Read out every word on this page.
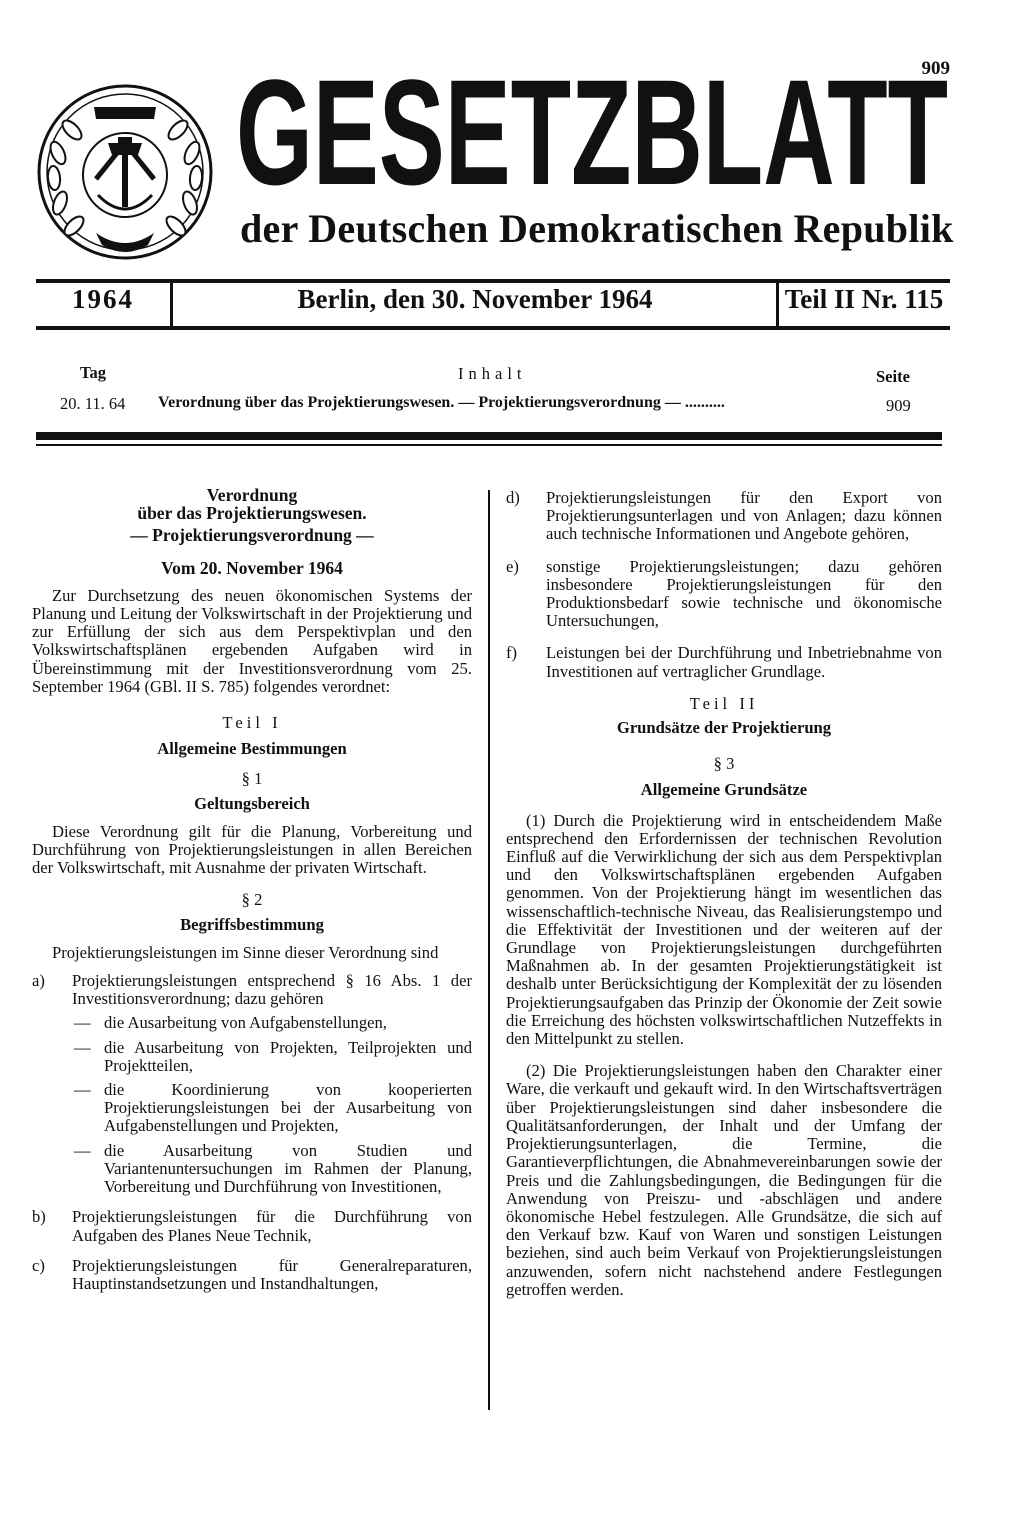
909
GESETZBLATT
der Deutschen Demokratischen Republik
1964	Berlin, den 30. November 1964	Teil II Nr. 115
Tag	Inhalt	Seite
20. 11. 64 Verordnung über das Projektierungswesen. — Projektierungsverordnung — ..........	909

Verordnung

über das Projektierungswesen.

— Projektierungsverordnung —

Vom 20. November 1964

Zur Durchsetzung des neuen ökonomischen Systems der Planung und Leitung der Volkswirtschaft in der Projektierung und zur Erfüllung der sich aus dem Perspektivplan und den Volkswirtschaftsplänen ergebenden Aufgaben wird in Übereinstimmung mit der Investitionsverordnung vom 25. September 1964 (GBl. II S. 785) folgendes verordnet:

Teil I

Allgemeine Bestimmungen

§ 1

Geltungsbereich

Diese Verordnung gilt für die Planung, Vorbereitung und Durchführung von Projektierungsleistungen in allen Bereichen der Volkswirtschaft, mit Ausnahme der privaten Wirtschaft.

§ 2

Begriffsbestimmung

Projektierungsleistungen im Sinne dieser Verordnung sind

a)	Projektierungsleistungen entsprechend § 16 Abs. 1 der Investitionsverordnung; dazu gehören
— die Ausarbeitung von Aufgabenstellungen,
— die Ausarbeitung von Projekten, Teilprojekten und Projektteilen,
— die Koordinierung von kooperierten Projektierungsleistungen bei der Ausarbeitung von Aufgabenstellungen und Projekten,
— die Ausarbeitung von Studien und Variantenuntersuchungen im Rahmen der Planung, Vorbereitung und Durchführung von Investitionen,
b)	Projektierungsleistungen für die Durchführung von Aufgaben des Planes Neue Technik,
c)	Projektierungsleistungen für Generalreparaturen, Hauptinstandsetzungen und Instandhaltungen,
d)	Projektierungsleistungen für den Export von Projektierungsunterlagen und von Anlagen; dazu können auch technische Informationen und Angebote gehören,
e)	sonstige Projektierungsleistungen; dazu gehören insbesondere Projektierungsleistungen für den Produktionsbedarf sowie technische und ökonomische Untersuchungen,
f)	Leistungen bei der Durchführung und Inbetriebnahme von Investitionen auf vertraglicher Grundlage.

Teil II

Grundsätze der Projektierung

§ 3

Allgemeine Grundsätze

(1) Durch die Projektierung wird in entscheidendem Maße entsprechend den Erfordernissen der technischen Revolution Einfluß auf die Verwirklichung der sich aus dem Perspektivplan und den Volkswirtschaftsplänen ergebenden Aufgaben genommen. Von der Projektierung hängt im wesentlichen das wissenschaftlich-technische Niveau, das Realisierungstempo und die Effektivität der Investitionen und der weiteren auf der Grundlage von Projektierungsleistungen durchgeführten Maßnahmen ab. In der gesamten Projektierungstätigkeit ist deshalb unter Berücksichtigung der Komplexität der zu lösenden Projektierungsaufgaben das Prinzip der Ökonomie der Zeit sowie die Erreichung des höchsten volkswirtschaftlichen Nutzeffekts in den Mittelpunkt zu stellen.

(2) Die Projektierungsleistungen haben den Charakter einer Ware, die verkauft und gekauft wird. In den Wirtschaftsverträgen über Projektierungsleistungen sind daher insbesondere die Qualitätsanforderungen, der Inhalt und der Umfang der Projektierungsunterlagen, die Termine, die Garantieverpflichtungen, die Abnahmevereinbarungen sowie der Preis und die Zahlungsbedingungen, die Bedingungen für die Anwendung von Preiszu- und -abschlägen und andere ökonomische Hebel festzulegen. Alle Grundsätze, die sich auf den Verkauf bzw. Kauf von Waren und sonstigen Leistungen beziehen, sind auch beim Verkauf von Projektierungsleistungen anzuwenden, sofern nicht nachstehend andere Festlegungen getroffen werden.
